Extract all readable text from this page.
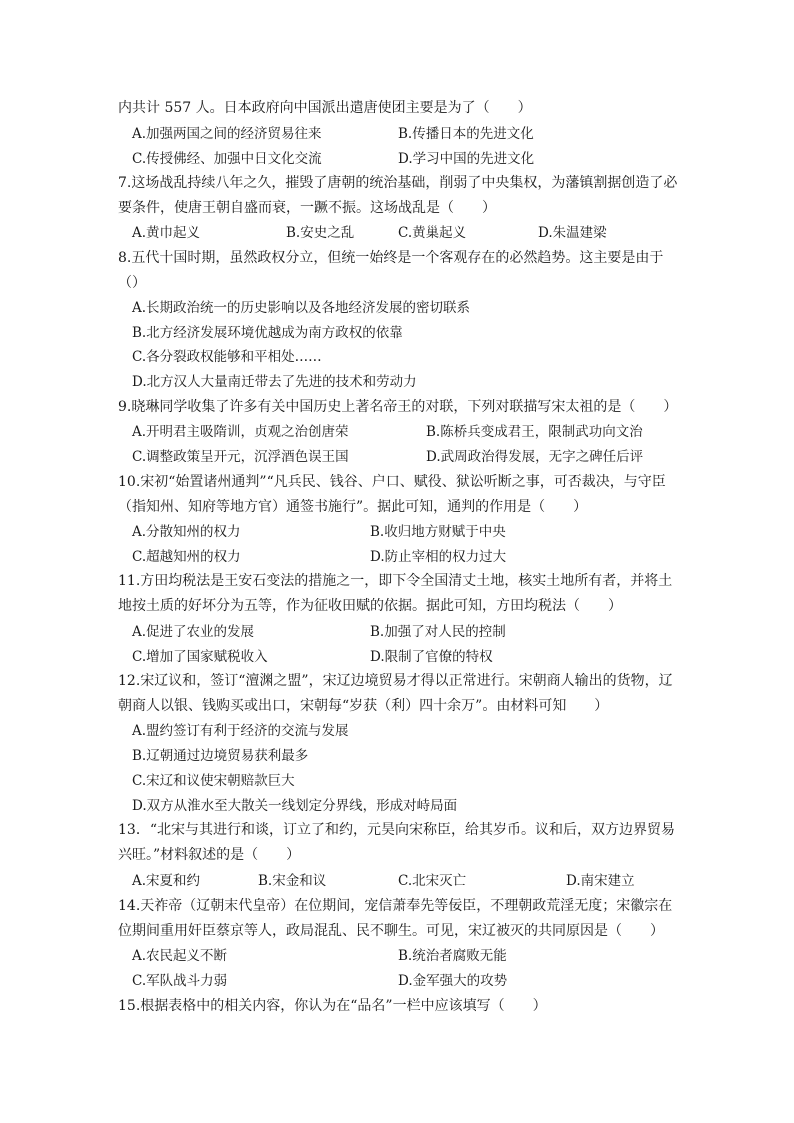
内共计 557 人。日本政府向中国派出遣唐使团主要是为了（　　）
A.加强两国之间的经济贸易往来	B.传播日本的先进文化
C.传授佛经、加强中日文化交流	D.学习中国的先进文化
7.这场战乱持续八年之久，摧毁了唐朝的统治基础，削弱了中央集权，为藩镇割据创造了必
要条件，使唐王朝自盛而衰，一蹶不振。这场战乱是（　　）
A.黄巾起义	B.安史之乱	C.黄巢起义	D.朱温建梁
8.五代十国时期，虽然政权分立，但统一始终是一个客观存在的必然趋势。这主要是由于
（）
A.长期政治统一的历史影响以及各地经济发展的密切联系
B.北方经济发展环境优越成为南方政权的依靠
C.各分裂政权能够和平相处……
D.北方汉人大量南迁带去了先进的技术和劳动力
9.晓琳同学收集了许多有关中国历史上著名帝王的对联，下列对联描写宋太祖的是（　　）
A.开明君主吸隋训，贞观之治创唐荣	B.陈桥兵变成君王，限制武功向文治
C.调整政策呈开元，沉浮酒色误王国	D.武周政治得发展，无字之碑任后评
10.宋初“始置诸州通判”“凡兵民、钱谷、户口、赋役、狱讼听断之事，可否裁决，与守臣
（指知州、知府等地方官）通签书施行”。据此可知，通判的作用是（　　）
A.分散知州的权力	B.收归地方财赋于中央
C.超越知州的权力	D.防止宰相的权力过大
11.方田均税法是王安石变法的措施之一，即下令全国清丈土地，核实土地所有者，并将土
地按土质的好坏分为五等，作为征收田赋的依据。据此可知，方田均税法（　　）
A.促进了农业的发展	B.加强了对人民的控制
C.增加了国家赋税收入	D.限制了官僚的特权
12.宋辽议和，签订“澶渊之盟”，宋辽边境贸易才得以正常进行。宋朝商人输出的货物，辽
朝商人以银、钱购买或出口，宋朝每“岁获（利）四十余万”。由材料可知　　）
A.盟约签订有利于经济的交流与发展
B.辽朝通过边境贸易获利最多
C.宋辽和议使宋朝赔款巨大
D.双方从淮水至大散关一线划定分界线，形成对峙局面
13．“北宋与其进行和谈，订立了和约，元昊向宋称臣，给其岁币。议和后，双方边界贸易
兴旺。”材料叙述的是（　　）
A.宋夏和约	B.宋金和议	C.北宋灭亡	D.南宋建立
14.天祚帝（辽朝末代皇帝）在位期间，宠信萧奉先等佞臣，不理朝政荒淫无度；宋徽宗在
位期间重用奸臣蔡京等人，政局混乱、民不聊生。可见，宋辽被灭的共同原因是（　　）
A.农民起义不断	B.统治者腐败无能
C.军队战斗力弱	D.金军强大的攻势
15.根据表格中的相关内容，你认为在“品名”一栏中应该填写（　　）
